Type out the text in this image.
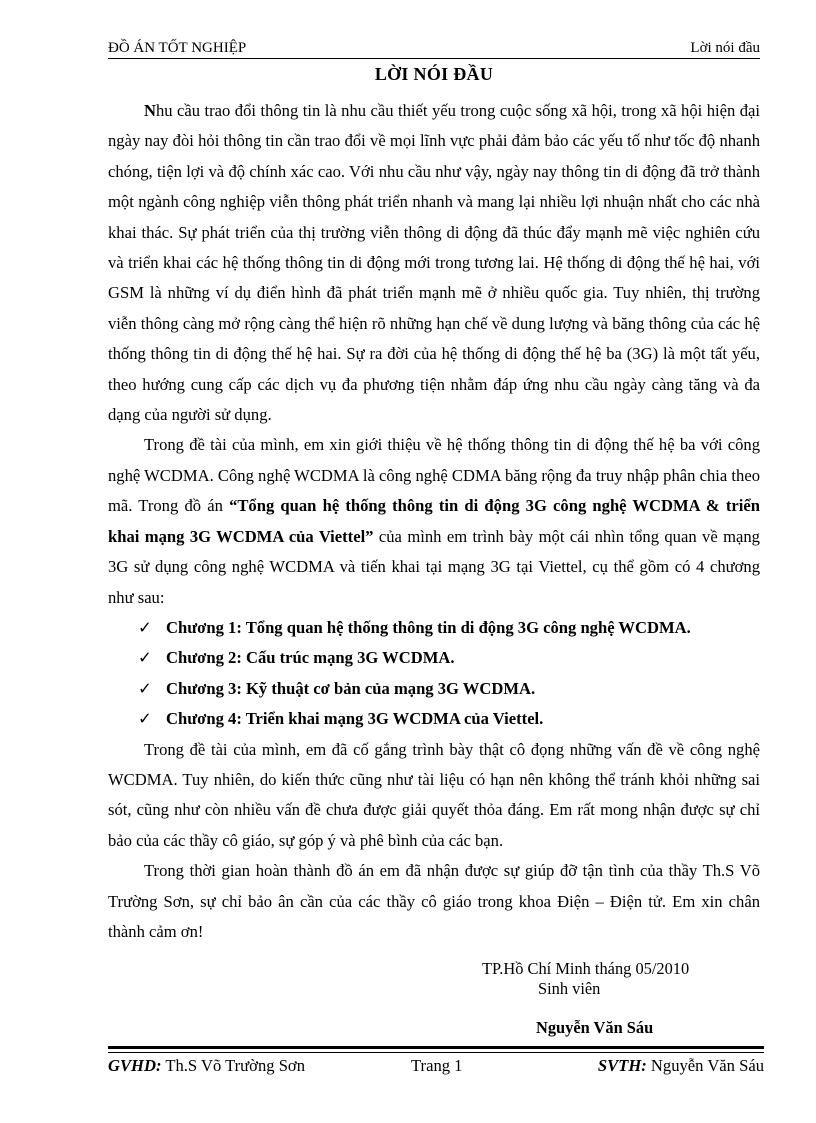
ĐỒ ÁN TỐT NGHIỆP	Lời nói đầu
LỜI NÓI ĐẦU

Nhu cầu trao đổi thông tin là nhu cầu thiết yếu trong cuộc sống xã hội, trong xã hội hiện đại ngày nay đòi hỏi thông tin cần trao đổi về mọi lĩnh vực phải đảm bảo các yếu tố như tốc độ nhanh chóng, tiện lợi và độ chính xác cao. Với nhu cầu như vậy, ngày nay thông tin di động đã trở thành một ngành công nghiệp viễn thông phát triển nhanh và mang lại nhiều lợi nhuận nhất cho các nhà khai thác. Sự phát triển của thị trường viễn thông di động đã thúc đẩy mạnh mẽ việc nghiên cứu và triển khai các hệ thống thông tin di động mới trong tương lai. Hệ thống di động thế hệ hai, với GSM là những ví dụ điển hình đã phát triển mạnh mẽ ở nhiều quốc gia. Tuy nhiên, thị trường viễn thông càng mở rộng càng thể hiện rõ những hạn chế về dung lượng và băng thông của các hệ thống thông tin di động thế hệ hai. Sự ra đời của hệ thống di động thế hệ ba (3G) là một tất yếu, theo hướng cung cấp các dịch vụ đa phương tiện nhằm đáp ứng nhu cầu ngày càng tăng và đa dạng của người sử dụng.

Trong đề tài của mình, em xin giới thiệu về hệ thống thông tin di động thế hệ ba với công nghệ WCDMA. Công nghệ WCDMA là công nghệ CDMA băng rộng đa truy nhập phân chia theo mã. Trong đồ án “Tổng quan hệ thống thông tin di động 3G công nghệ WCDMA & triển khai mạng 3G WCDMA của Viettel” của mình em trình bày một cái nhìn tổng quan về mạng 3G sử dụng công nghệ WCDMA và tiến khai tại mạng 3G tại Viettel, cụ thể gồm có 4 chương như sau:

✓ Chương 1: Tổng quan hệ thống thông tin di động 3G công nghệ WCDMA.
✓ Chương 2: Cấu trúc mạng 3G WCDMA.
✓ Chương 3: Kỹ thuật cơ bản của mạng 3G WCDMA.
✓ Chương 4: Triển khai mạng 3G WCDMA của Viettel.

Trong đề tài của mình, em đã cố gắng trình bày thật cô đọng những vấn đề về công nghệ WCDMA. Tuy nhiên, do kiến thức cũng như tài liệu có hạn nên không thể tránh khỏi những sai sót, cũng như còn nhiều vấn đề chưa được giải quyết thỏa đáng. Em rất mong nhận được sự chỉ bảo của các thầy cô giáo, sự góp ý và phê bình của các bạn.

Trong thời gian hoàn thành đồ án em đã nhận được sự giúp đỡ tận tình của thầy Th.S Võ Trường Sơn, sự chỉ bảo ân cần của các thầy cô giáo trong khoa Điện – Điện tử. Em xin chân thành cảm ơn!

TP.Hồ Chí Minh tháng 05/2010
Sinh viên
Nguyễn Văn Sáu
GVHD: Th.S Võ Trường Sơn	Trang 1	SVTH: Nguyễn Văn Sáu
